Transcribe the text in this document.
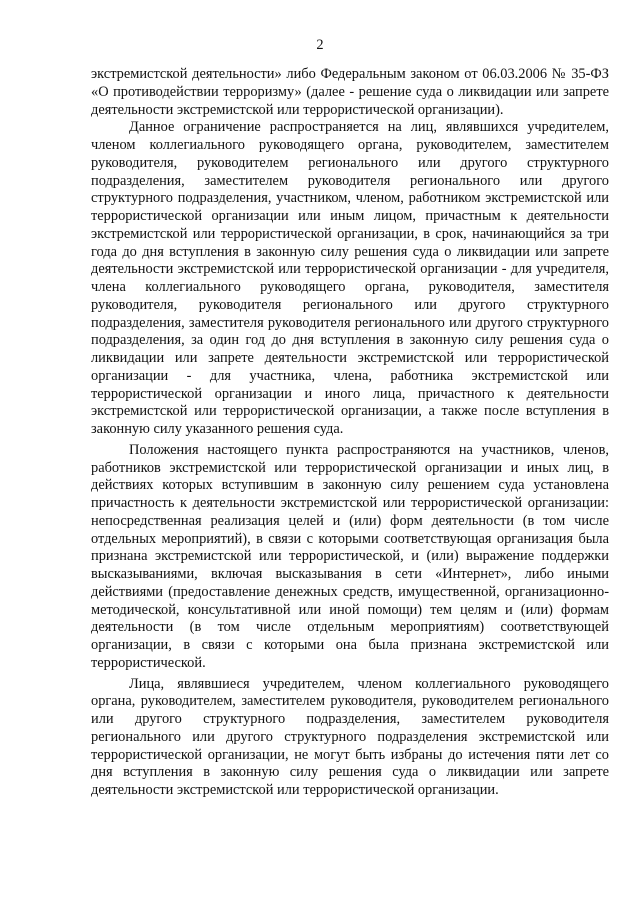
2

экстремистской деятельности» либо Федеральным законом от 06.03.2006 № 35-ФЗ «О противодействии терроризму» (далее - решение суда о ликвидации или запрете деятельности экстремистской или террористической организации).

Данное ограничение распространяется на лиц, являвшихся учредителем, членом коллегиального руководящего органа, руководителем, заместителем руководителя, руководителем регионального или другого структурного подразделения, заместителем руководителя регионального или другого структурного подразделения, участником, членом, работником экстремистской или террористической организации или иным лицом, причастным к деятельности экстремистской или террористической организации, в срок, начинающийся за три года до дня вступления в законную силу решения суда о ликвидации или запрете деятельности экстремистской или террористической организации - для учредителя, члена коллегиального руководящего органа, руководителя, заместителя руководителя, руководителя регионального или другого структурного подразделения, заместителя руководителя регионального или другого структурного подразделения, за один год до дня вступления в законную силу решения суда о ликвидации или запрете деятельности экстремистской или террористической организации - для участника, члена, работника экстремистской или террористической организации и иного лица, причастного к деятельности экстремистской или террористической организации, а также после вступления в законную силу указанного решения суда.

Положения настоящего пункта распространяются на участников, членов, работников экстремистской или террористической организации и иных лиц, в действиях которых вступившим в законную силу решением суда установлена причастность к деятельности экстремистской или террористической организации: непосредственная реализация целей и (или) форм деятельности (в том числе отдельных мероприятий), в связи с которыми соответствующая организация была признана экстремистской или террористической, и (или) выражение поддержки высказываниями, включая высказывания в сети «Интернет», либо иными действиями (предоставление денежных средств, имущественной, организационно-методической, консультативной или иной помощи) тем целям и (или) формам деятельности (в том числе отдельным мероприятиям) соответствующей организации, в связи с которыми она была признана экстремистской или террористической.

Лица, являвшиеся учредителем, членом коллегиального руководящего органа, руководителем, заместителем руководителя, руководителем регионального или другого структурного подразделения, заместителем руководителя регионального или другого структурного подразделения экстремистской или террористической организации, не могут быть избраны до истечения пяти лет со дня вступления в законную силу решения суда о ликвидации или запрете деятельности экстремистской или террористической организации.
